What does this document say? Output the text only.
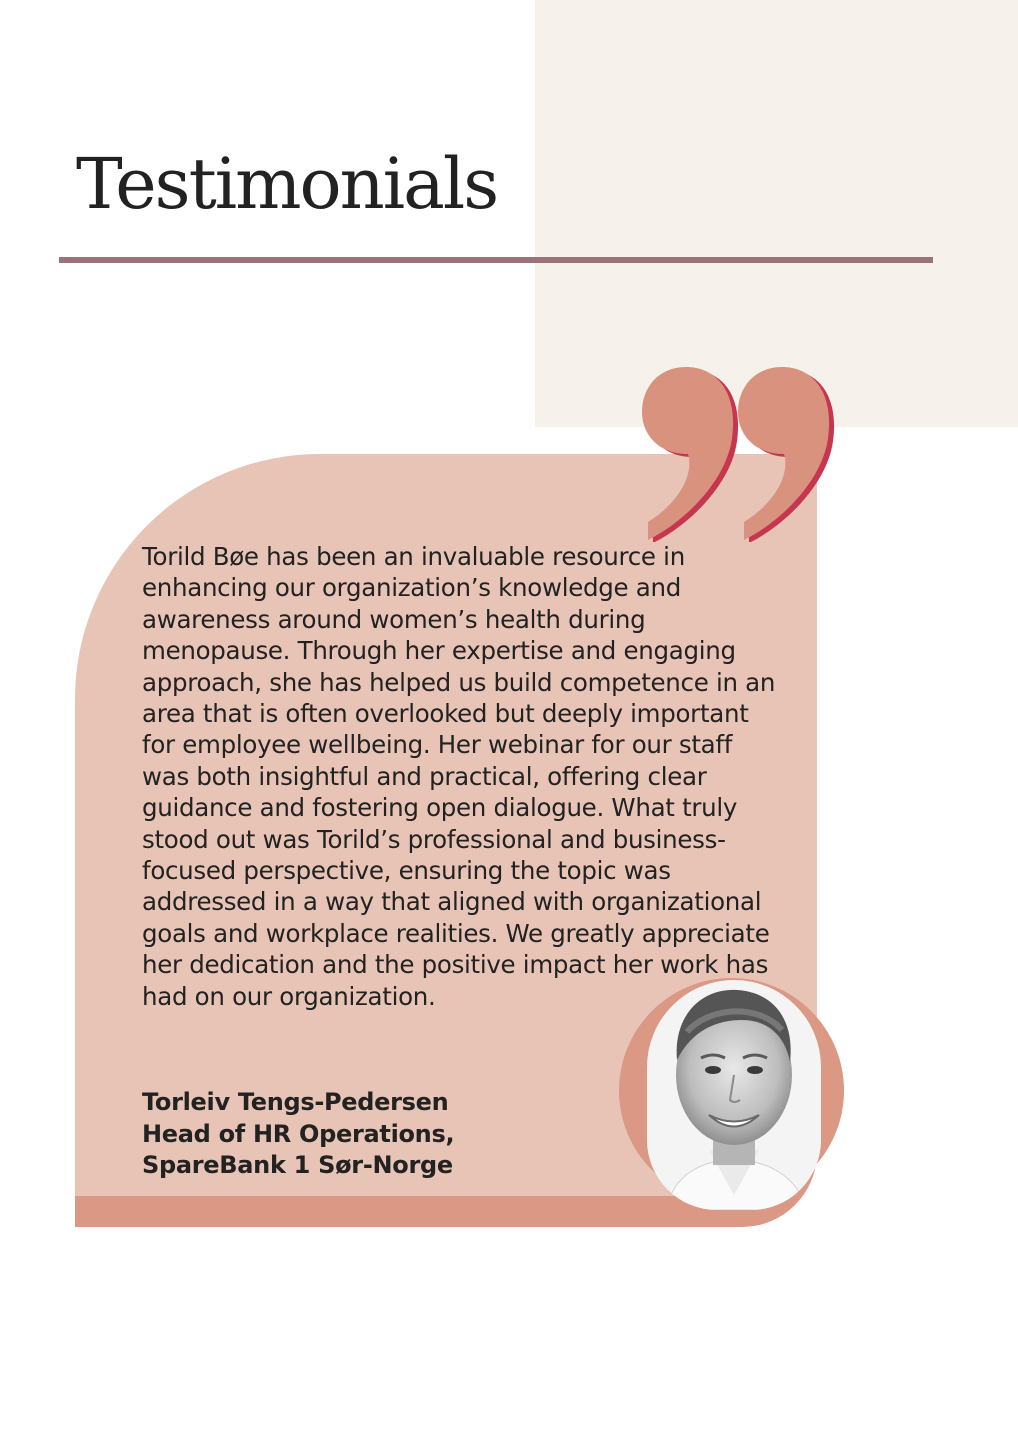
Testimonials

Torild Bøe has been an invaluable resource in enhancing our organization’s knowledge and awareness around women’s health during menopause. Through her expertise and engaging approach, she has helped us build competence in an area that is often overlooked but deeply important for employee wellbeing. Her webinar for our staff was both insightful and practical, offering clear guidance and fostering open dialogue. What truly stood out was Torild’s professional and business-focused perspective, ensuring the topic was addressed in a way that aligned with organizational goals and workplace realities. We greatly appreciate her dedication and the positive impact her work has had on our organization.

Torleiv Tengs-Pedersen
Head of HR Operations,
SpareBank 1 Sør-Norge
